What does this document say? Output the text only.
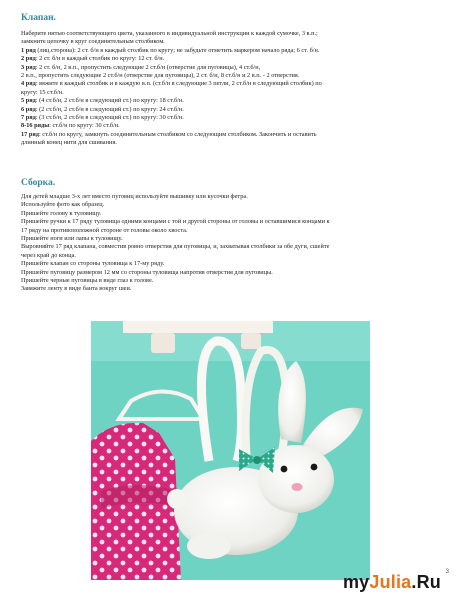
Клапан.

Наберите нитью соответствующего цвета, указанного в индивидуальной инструкции к каждой сумочке, 3 в.п.;

замкните цепочку в круг соединительным столбиком.

1 ряд (лиц.сторона): 2 ст. б/н в каждый столбик по кругу; не забудьте отметить маркером начало ряда; 6 ст. б/н.

2 ряд: 2 ст. б/н в каждый столбик по кругу: 12 ст. б/н.

3 ряд: 2 ст. б/н, 2 в.п., пропустить следующие 2 ст.б/н (отверстие для пуговицы), 4 ст.б/н,

2 в.п., пропустить следующие 2 ст.б/н (отверстие для пуговицы), 2 ст. б/н, 8 ст.б/н и 2 в.п. - 2 отверстия.

4 ряд: вяжите в каждый столбик и в каждую в.п. (ст.б/н в следующие 3 петли, 2 ст.б/н в следующий столбик) по

кругу: 15 ст.б/н.

5 ряд: (4 ст.б/н, 2 ст.б/н в следующий ст.) по кругу: 18 ст.б/н.

6 ряд: (2 ст.б/н, 2 ст.б/н в следующий ст.) по кругу: 24 ст.б/н.

7 ряд: (3 ст.б/н, 2 ст.б/н в следующий ст.) по кругу: 30 ст.б/н.

8-16 ряды: ст.б/н по кругу: 30 ст.б/н.

17 ряд: ст.б/н по кругу, замкнуть соединительным столбиком со следующим столбиком. Закончить и оставить

длинный конец нити для сшивания.

Сборка.

Для детей младше 3-х лет вместо пуговиц используйте вышивку или кусочки фетра.

Используйте фото как образец.

Пришейте голову к туловищу.

Пришейте ручки к 17 ряду туловища одними концами с той и другой стороны от головы и оставшимися концами к

17 ряду на противоположной стороне от головы около хвоста.

Пришейте ноги или лапы к туловищу.

Выровняйте 17 ряд клапана, совместив ровно отверстия для пуговицы, и, захватывая столбики за обе дуги, сшейте

через край до конца.

Пришейте клапан со стороны туловища к 17-му ряду.

Пришейте пуговицу размером 12 мм со стороны туловища напротив отверстия для пуговицы.

Пришейте черные пуговицы в виде глаз к голове.

Завяжите ленту в виде банта вокруг шеи.

3
myJulia.Ru
